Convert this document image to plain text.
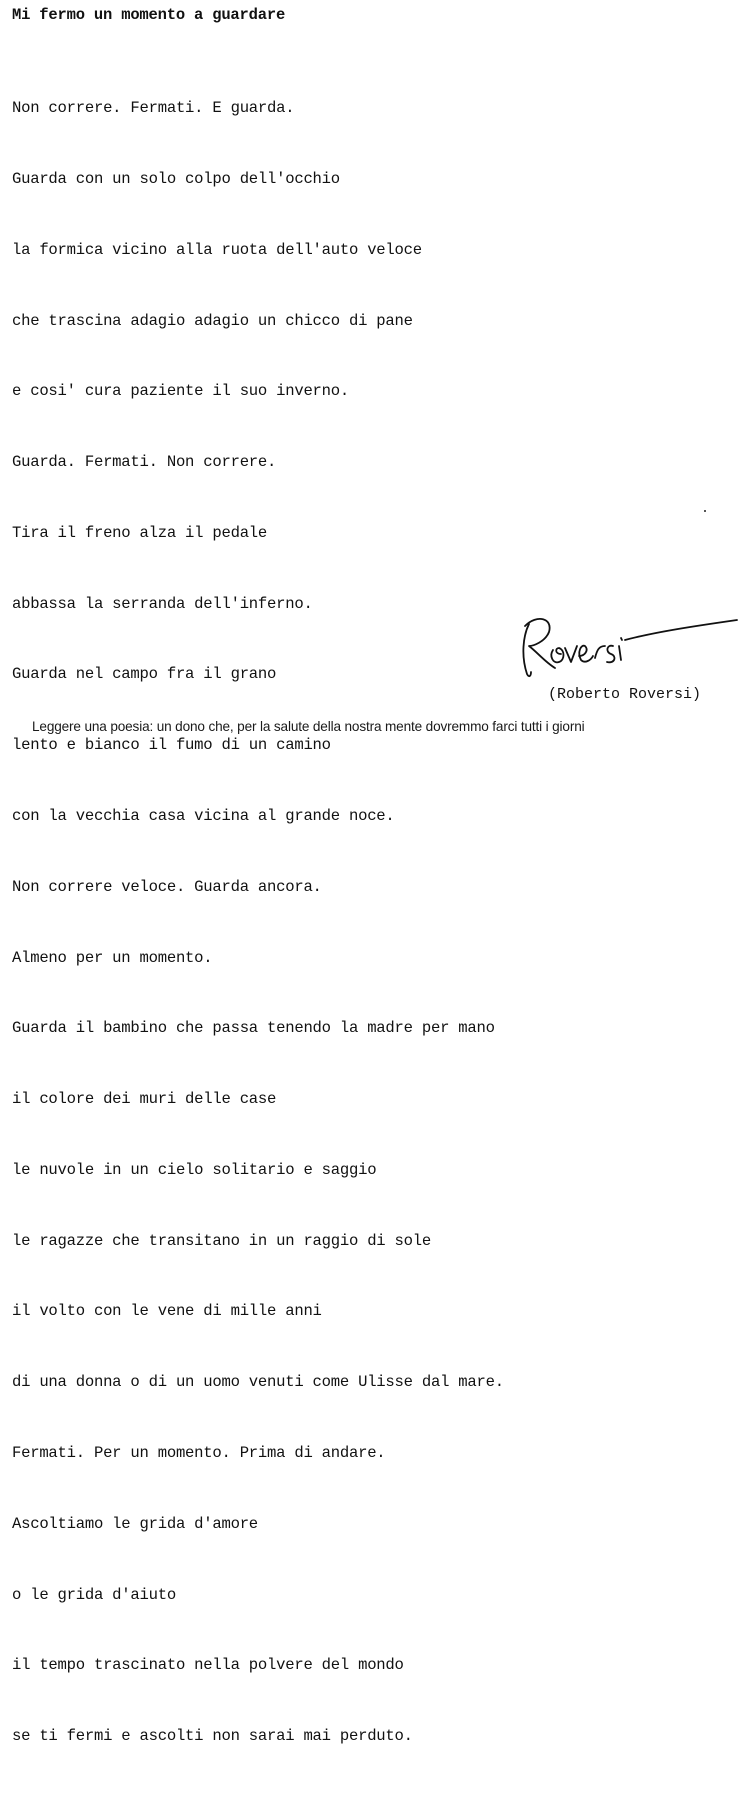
Mi fermo un momento a guardare

Non correre. Fermati. E guarda.

Guarda con un solo colpo dell'occhio

la formica vicino alla ruota dell'auto veloce

che trascina adagio adagio un chicco di pane

e cosi' cura paziente il suo inverno.

Guarda. Fermati. Non correre.

Tira il freno alza il pedale

abbassa la serranda dell'inferno.

Guarda nel campo fra il grano

lento e bianco il fumo di un camino

con la vecchia casa vicina al grande noce.

Non correre veloce. Guarda ancora.

Almeno per un momento.

Guarda il bambino che passa tenendo la madre per mano

il colore dei muri delle case

le nuvole in un cielo solitario e saggio

le ragazze che transitano in un raggio di sole

il volto con le vene di mille anni

di una donna o di un uomo venuti come Ulisse dal mare.

Fermati. Per un momento. Prima di andare.

Ascoltiamo le grida d'amore

o le grida d'aiuto

il tempo trascinato nella polvere del mondo

se ti fermi e ascolti non sarai mai perduto.

(Roberto Roversi)
Leggere una poesia: un dono che, per la salute della nostra mente dovremmo farci tutti i giorni
